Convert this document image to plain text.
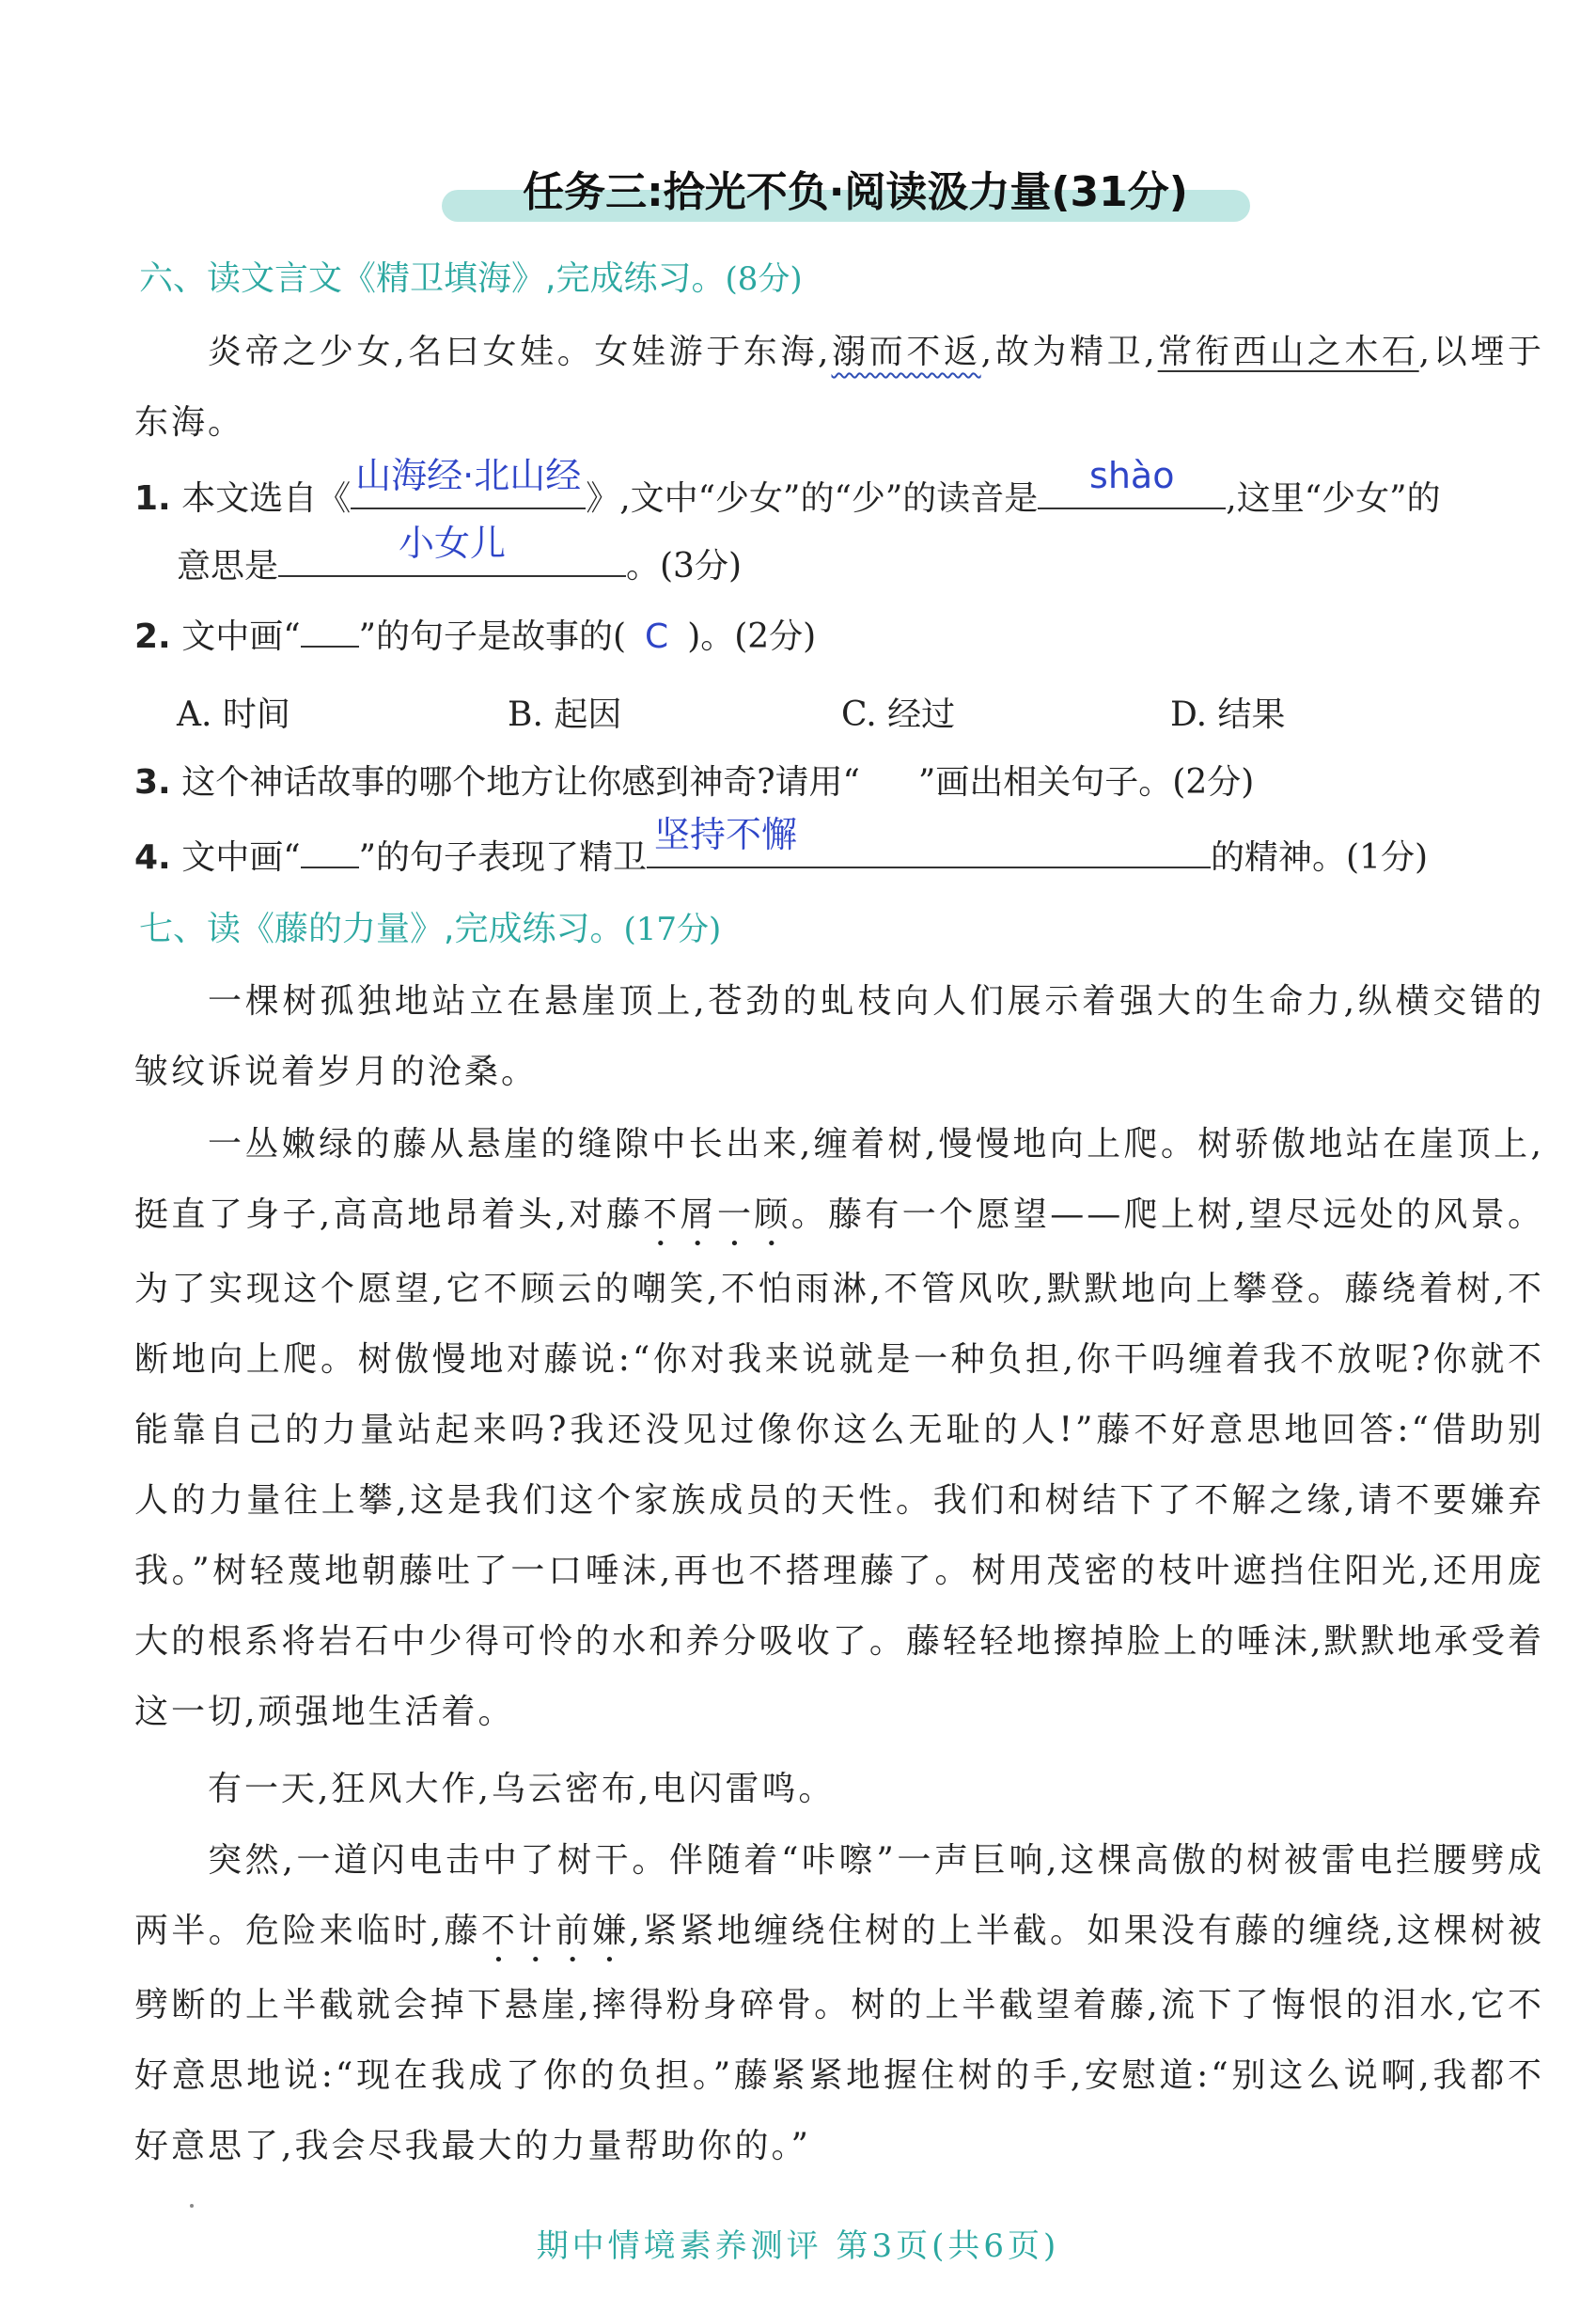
任务三:拾光不负·阅读汲力量(31分)
六、读文言文《精卫填海》,完成练习。(8分)
炎帝之少女,名曰女娃。女娃游于东海,溺而不返,故为精卫,常衔西山之木石,以堙于东海。
1. 本文选自《
山海经·北山经
》,文中“少女”的“少”的读音是
shào
,这里“少女”的
意思是
小女儿
。(3分)
2. 文中画“ ”的句子是故事的( C )。(2分)
A. 时间	B. 起因	C. 经过	D. 结果
3. 这个神话故事的哪个地方让你感到神奇?请用“ ”画出相关句子。(2分)
4. 文中画“ ”的句子表现了精卫
坚持不懈
的精神。(1分)
七、读《藤的力量》,完成练习。(17分)
一棵树孤独地站立在悬崖顶上,苍劲的虬枝向人们展示着强大的生命力,纵横交错的皱纹诉说着岁月的沧桑。
一丛嫩绿的藤从悬崖的缝隙中长出来,缠着树,慢慢地向上爬。树骄傲地站在崖顶上,挺直了身子,高高地昂着头,对藤不屑一顾。藤有一个愿望——爬上树,望尽远处的风景。为了实现这个愿望,它不顾云的嘲笑,不怕雨淋,不管风吹,默默地向上攀登。藤绕着树,不断地向上爬。树傲慢地对藤说:“你对我来说就是一种负担,你干吗缠着我不放呢?你就不能靠自己的力量站起来吗?我还没见过像你这么无耻的人!”藤不好意思地回答:“借助别人的力量往上攀,这是我们这个家族成员的天性。我们和树结下了不解之缘,请不要嫌弃我。”树轻蔑地朝藤吐了一口唾沫,再也不搭理藤了。树用茂密的枝叶遮挡住阳光,还用庞大的根系将岩石中少得可怜的水和养分吸收了。藤轻轻地擦掉脸上的唾沫,默默地承受着这一切,顽强地生活着。
有一天,狂风大作,乌云密布,电闪雷鸣。
突然,一道闪电击中了树干。伴随着“咔嚓”一声巨响,这棵高傲的树被雷电拦腰劈成两半。危险来临时,藤不计前嫌,紧紧地缠绕住树的上半截。如果没有藤的缠绕,这棵树被劈断的上半截就会掉下悬崖,摔得粉身碎骨。树的上半截望着藤,流下了悔恨的泪水,它不好意思地说:“现在我成了你的负担。”藤紧紧地握住树的手,安慰道:“别这么说啊,我都不好意思了,我会尽我最大的力量帮助你的。”
期中情境素养测评 第3页(共6页)
